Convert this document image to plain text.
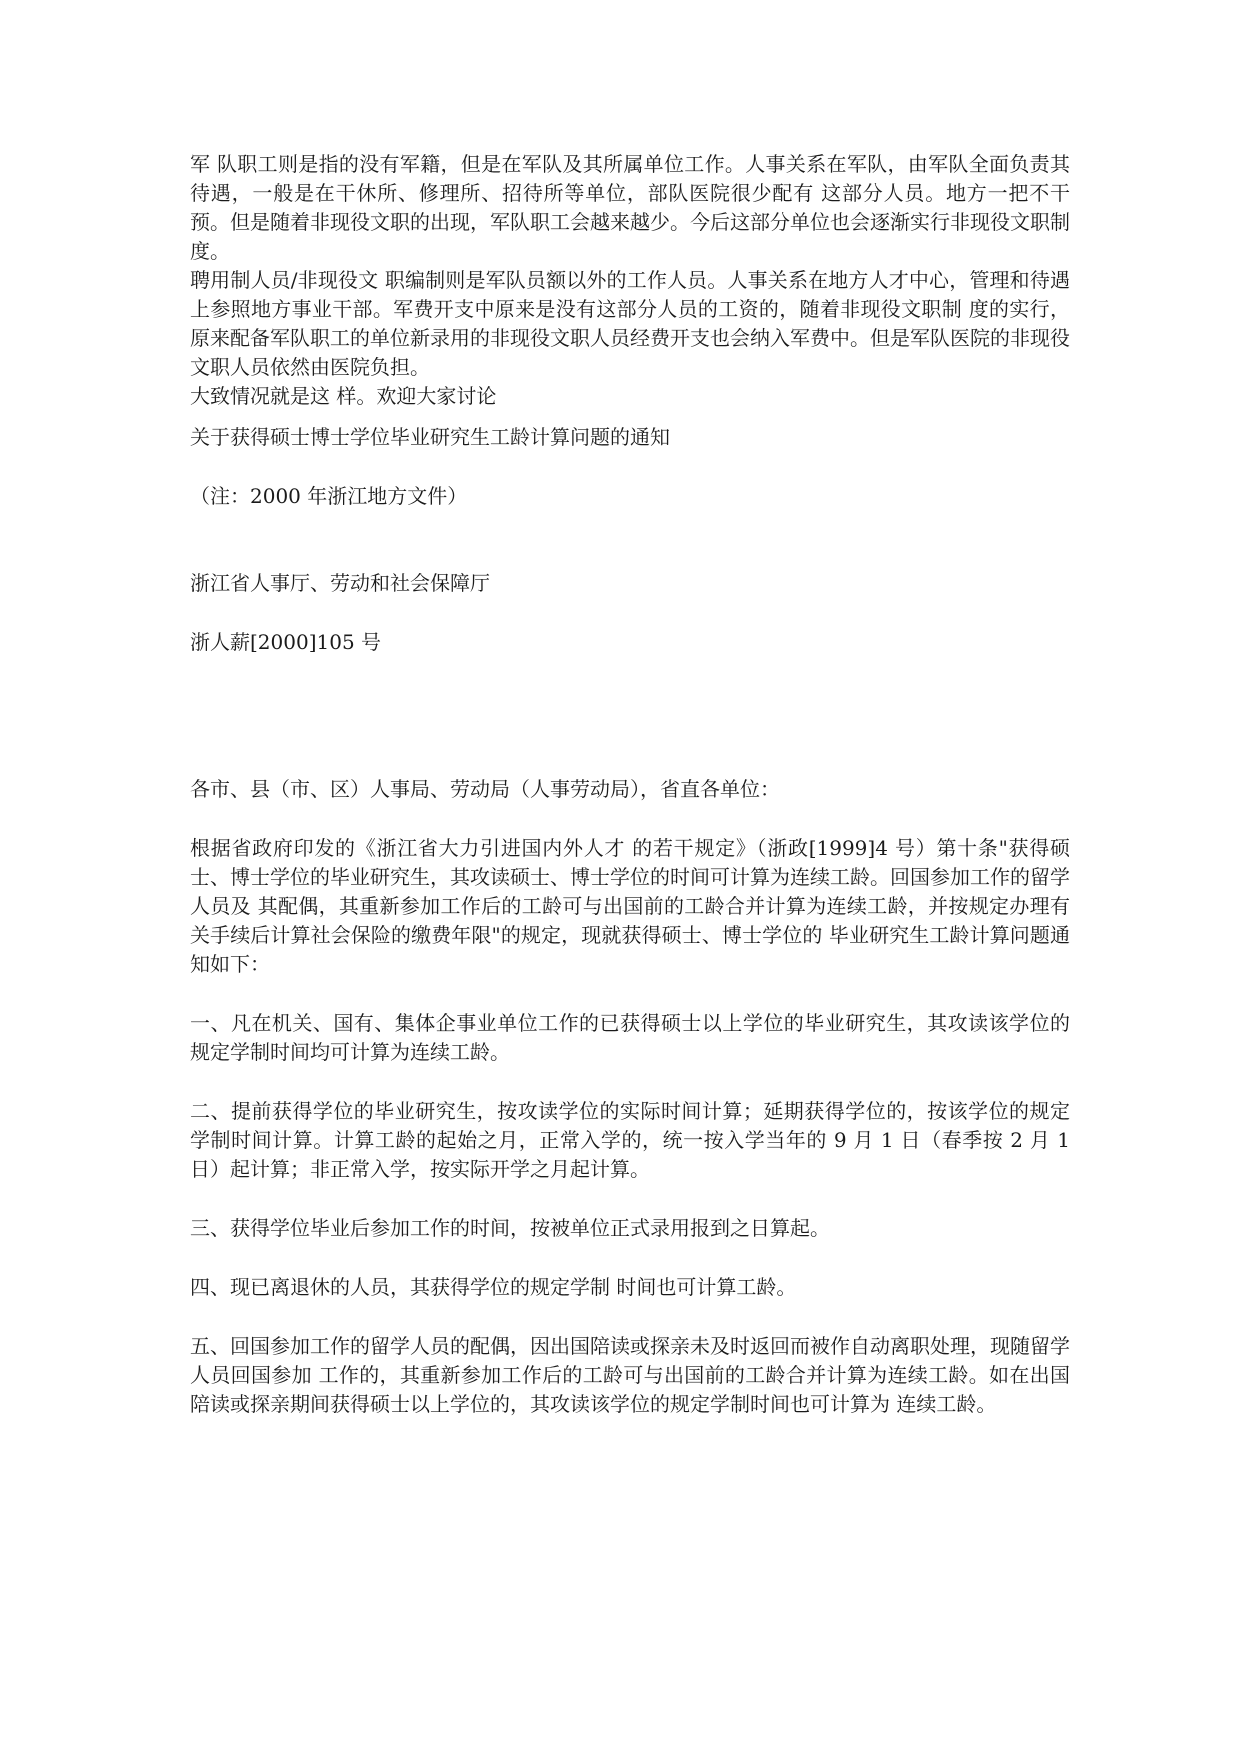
军 队职工则是指的没有军籍，但是在军队及其所属单位工作。人事关系在军队，由军队全面负责其待遇，一般是在干休所、修理所、招待所等单位，部队医院很少配有 这部分人员。地方一把不干预。但是随着非现役文职的出现，军队职工会越来越少。今后这部分单位也会逐渐实行非现役文职制度。

聘用制人员/非现役文 职编制则是军队员额以外的工作人员。人事关系在地方人才中心，管理和待遇上参照地方事业干部。军费开支中原来是没有这部分人员的工资的，随着非现役文职制 度的实行，原来配备军队职工的单位新录用的非现役文职人员经费开支也会纳入军费中。但是军队医院的非现役文职人员依然由医院负担。

大致情况就是这 样。欢迎大家讨论

关于获得硕士博士学位毕业研究生工龄计算问题的通知

（注：2000 年浙江地方文件）

浙江省人事厅、劳动和社会保障厅

浙人薪[2000]105 号

各市、县（市、区）人事局、劳动局（人事劳动局），省直各单位：

根据省政府印发的《浙江省大力引进国内外人才 的若干规定》（浙政[1999]4 号）第十条"获得硕士、博士学位的毕业研究生，其攻读硕士、博士学位的时间可计算为连续工龄。回国参加工作的留学人员及 其配偶，其重新参加工作后的工龄可与出国前的工龄合并计算为连续工龄，并按规定办理有关手续后计算社会保险的缴费年限"的规定，现就获得硕士、博士学位的 毕业研究生工龄计算问题通知如下：

一、凡在机关、国有、集体企事业单位工作的已获得硕士以上学位的毕业研究生，其攻读该学位的 规定学制时间均可计算为连续工龄。

二、提前获得学位的毕业研究生，按攻读学位的实际时间计算；延期获得学位的，按该学位的规定 学制时间计算。计算工龄的起始之月，正常入学的，统一按入学当年的 9 月 1 日（春季按 2 月 1 日）起计算；非正常入学，按实际开学之月起计算。

三、获得学位毕业后参加工作的时间，按被单位正式录用报到之日算起。

四、现已离退休的人员，其获得学位的规定学制 时间也可计算工龄。

五、回国参加工作的留学人员的配偶，因出国陪读或探亲未及时返回而被作自动离职处理，现随留学人员回国参加 工作的，其重新参加工作后的工龄可与出国前的工龄合并计算为连续工龄。如在出国陪读或探亲期间获得硕士以上学位的，其攻读该学位的规定学制时间也可计算为 连续工龄。
